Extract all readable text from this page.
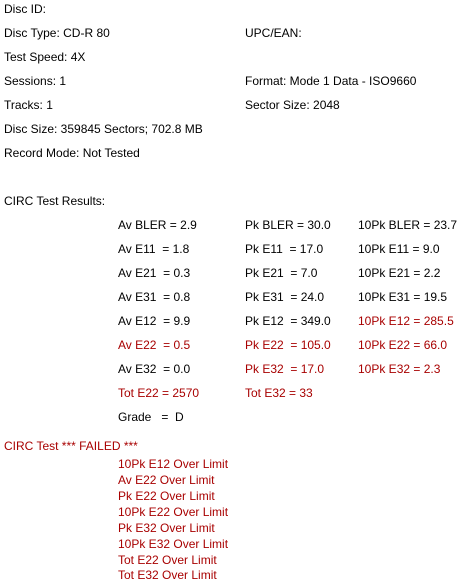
Disc ID:
Disc Type: CD-R 80
Test Speed: 4X
Sessions: 1
Tracks: 1
Disc Size: 359845 Sectors; 702.8 MB
Record Mode: Not Tested
UPC/EAN:
Format: Mode 1 Data - ISO9660
Sector Size: 2048
CIRC Test Results:
Av BLER = 2.9
Av E11  = 1.8
Av E21  = 0.3
Av E31  = 0.8
Av E12  = 9.9
Av E22  = 0.5
Av E32  = 0.0
Tot E22 = 2570
Grade   =  D
Pk BLER = 30.0
Pk E11  = 17.0
Pk E21  = 7.0
Pk E31  = 24.0
Pk E12  = 349.0
Pk E22  = 105.0
Pk E32  = 17.0
Tot E32 = 33
10Pk BLER = 23.7
10Pk E11 = 9.0
10Pk E21 = 2.2
10Pk E31 = 19.5
10Pk E12 = 285.5
10Pk E22 = 66.0
10Pk E32 = 2.3
CIRC Test *** FAILED ***
10Pk E12 Over Limit
Av E22 Over Limit
Pk E22 Over Limit
10Pk E22 Over Limit
Pk E32 Over Limit
10Pk E32 Over Limit
Tot E22 Over Limit
Tot E32 Over Limit
